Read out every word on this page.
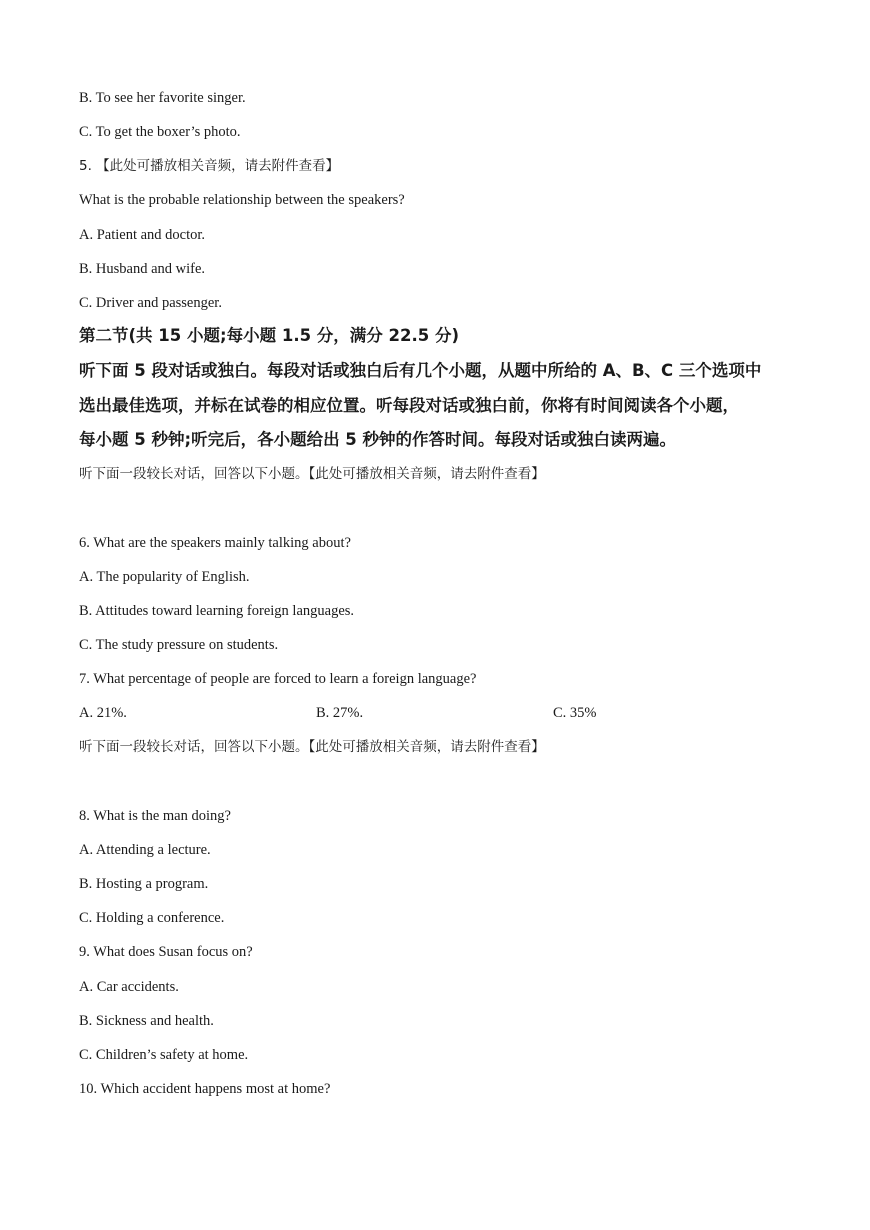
B. To see her favorite singer.
C. To get the boxer’s photo.
5. 【此处可播放相关音频，请去附件查看】
What is the probable relationship between the speakers?
A. Patient and doctor.
B. Husband and wife.
C. Driver and passenger.
第二节(共 15 小题;每小题 1.5 分，满分 22.5 分)
听下面 5 段对话或独白。每段对话或独白后有几个小题，从题中所给的 A、B、C 三个选项中
选出最佳选项，并标在试卷的相应位置。听每段对话或独白前，你将有时间阅读各个小题，
每小题 5 秒钟;听完后，各小题给出 5 秒钟的作答时间。每段对话或独白读两遍。
听下面一段较长对话，回答以下小题。【此处可播放相关音频，请去附件查看】
6. What are the speakers mainly talking about?
A. The popularity of English.
B. Attitudes toward learning foreign languages.
C. The study pressure on students.
7. What percentage of people are forced to learn a foreign language?
A. 21%.	B. 27%.	C. 35%
听下面一段较长对话，回答以下小题。【此处可播放相关音频，请去附件查看】
8. What is the man doing?
A. Attending a lecture.
B. Hosting a program.
C. Holding a conference.
9. What does Susan focus on?
A. Car accidents.
B. Sickness and health.
C. Children’s safety at home.
10. Which accident happens most at home?
